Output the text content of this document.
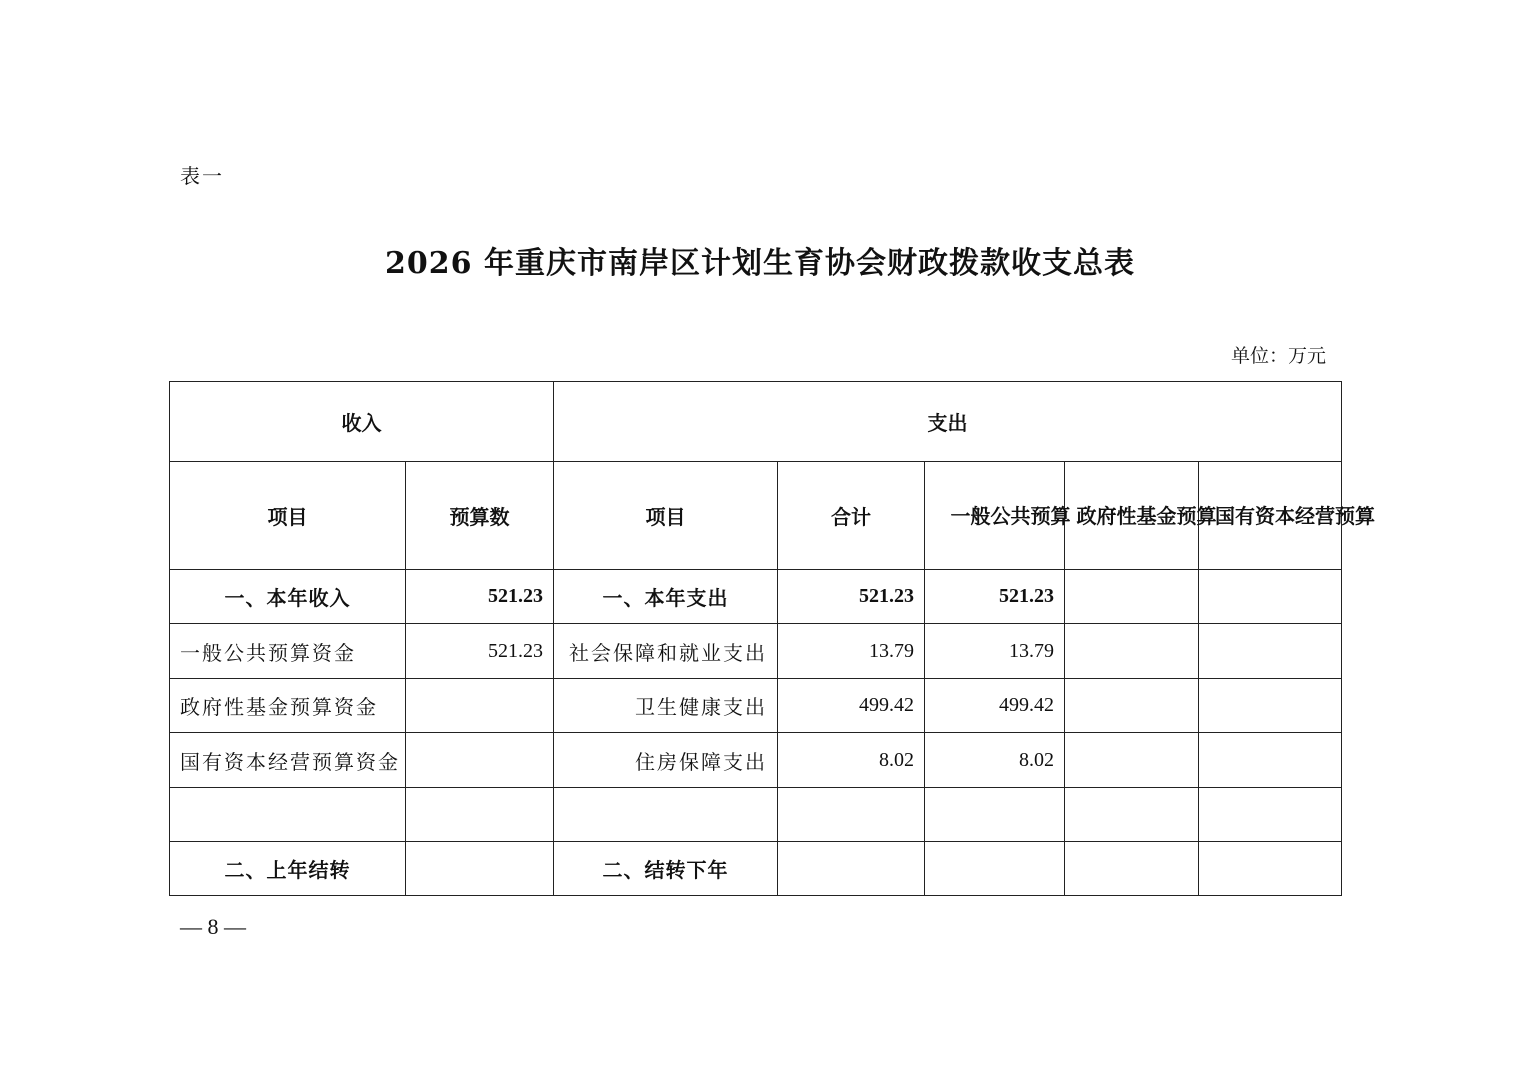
表一
2026 年重庆市南岸区计划生育协会财政拨款收支总表
单位：万元
收入		支出				
项目	预算数	项目	合计	一般公共预算	政府性基金预算	国有资本经营预算

一、本年收入	521.23	一、本年支出	521.23	521.23		
一般公共预算资金	521.23	社会保障和就业支出	13.79	13.79		
政府性基金预算资金		卫生健康支出	499.42	499.42		
国有资本经营预算资金		住房保障支出	8.02	8.02		

二、上年结转		二、结转下年				
— 8 —
